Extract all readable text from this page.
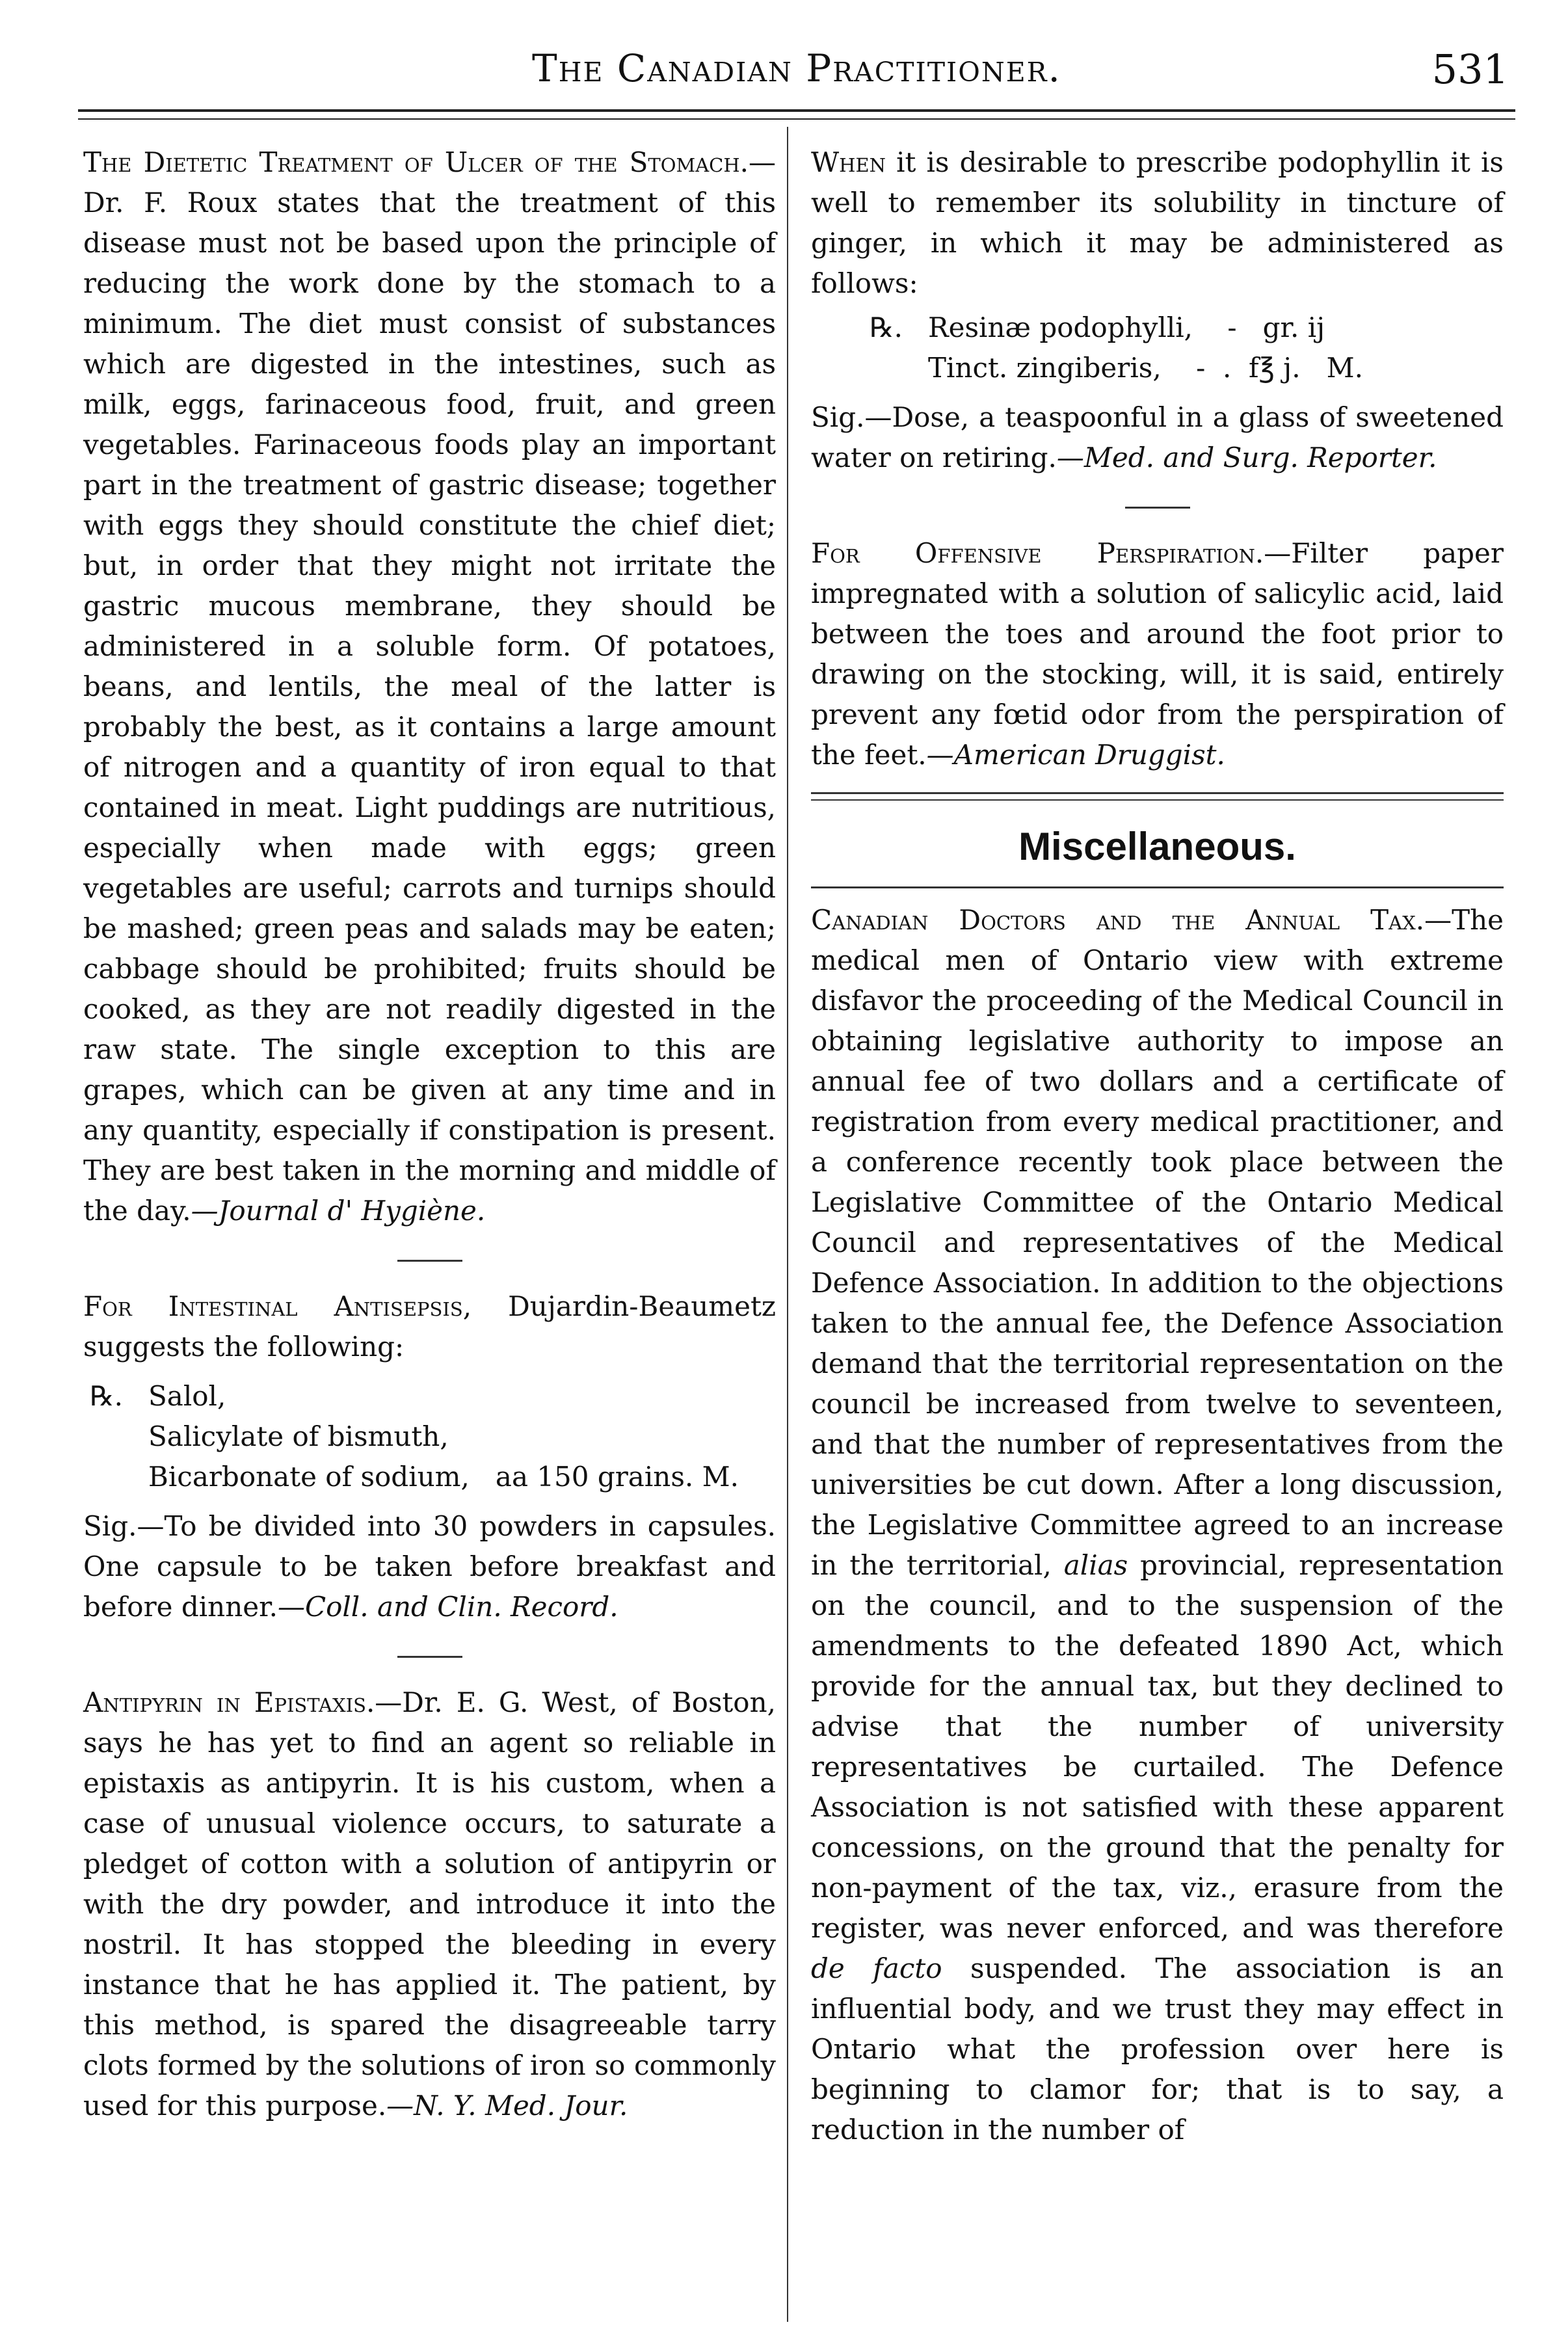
The Canadian Practitioner.	531

The Dietetic Treatment of Ulcer of the Stomach.—Dr. F. Roux states that the treatment of this disease must not be based upon the principle of reducing the work done by the stomach to a minimum. The diet must consist of substances which are digested in the intestines, such as milk, eggs, farinaceous food, fruit, and green vegetables. Farinaceous foods play an important part in the treatment of gastric disease; together with eggs they should constitute the chief diet; but, in order that they might not irritate the gastric mucous membrane, they should be administered in a soluble form. Of potatoes, beans, and lentils, the meal of the latter is probably the best, as it contains a large amount of nitrogen and a quantity of iron equal to that contained in meat. Light puddings are nutritious, especially when made with eggs; green vegetables are useful; carrots and turnips should be mashed; green peas and salads may be eaten; cabbage should be prohibited; fruits should be cooked, as they are not readily digested in the raw state. The single exception to this are grapes, which can be given at any time and in any quantity, especially if constipation is present. They are best taken in the morning and middle of the day.—Journal d' Hygiène.

For Intestinal Antisepsis, Dujardin-Beaumetz suggests the following:

℞. Salol,
Salicylate of bismuth,
Bicarbonate of sodium,   aa 150 grains. M.

Sig.—To be divided into 30 powders in capsules. One capsule to be taken before breakfast and before dinner.—Coll. and Clin. Record.

Antipyrin in Epistaxis.—Dr. E. G. West, of Boston, says he has yet to find an agent so reliable in epistaxis as antipyrin. It is his custom, when a case of unusual violence occurs, to saturate a pledget of cotton with a solution of antipyrin or with the dry powder, and introduce it into the nostril. It has stopped the bleeding in every instance that he has applied it. The patient, by this method, is spared the disagreeable tarry clots formed by the solutions of iron so commonly used for this purpose.—N. Y. Med. Jour.

When it is desirable to prescribe podophyllin it is well to remember its solubility in tincture of ginger, in which it may be administered as follows:

℞. Resinæ podophylli,    -   gr. ij
Tinct. zingiberis,    -  .  f℥ j.   M.

Sig.—Dose, a teaspoonful in a glass of sweetened water on retiring.—Med. and Surg. Reporter.

For Offensive Perspiration.—Filter paper impregnated with a solution of salicylic acid, laid between the toes and around the foot prior to drawing on the stocking, will, it is said, entirely prevent any fœtid odor from the perspiration of the feet.—American Druggist.

Miscellaneous.

Canadian Doctors and the Annual Tax.—The medical men of Ontario view with extreme disfavor the proceeding of the Medical Council in obtaining legislative authority to impose an annual fee of two dollars and a certificate of registration from every medical practitioner, and a conference recently took place between the Legislative Committee of the Ontario Medical Council and representatives of the Medical Defence Association. In addition to the objections taken to the annual fee, the Defence Association demand that the territorial representation on the council be increased from twelve to seventeen, and that the number of representatives from the universities be cut down. After a long discussion, the Legislative Committee agreed to an increase in the territorial, alias provincial, representation on the council, and to the suspension of the amendments to the defeated 1890 Act, which provide for the annual tax, but they declined to advise that the number of university representatives be curtailed. The Defence Association is not satisfied with these apparent concessions, on the ground that the penalty for non-payment of the tax, viz., erasure from the register, was never enforced, and was therefore de facto suspended. The association is an influential body, and we trust they may effect in Ontario what the profession over here is beginning to clamor for; that is to say, a reduction in the number of
